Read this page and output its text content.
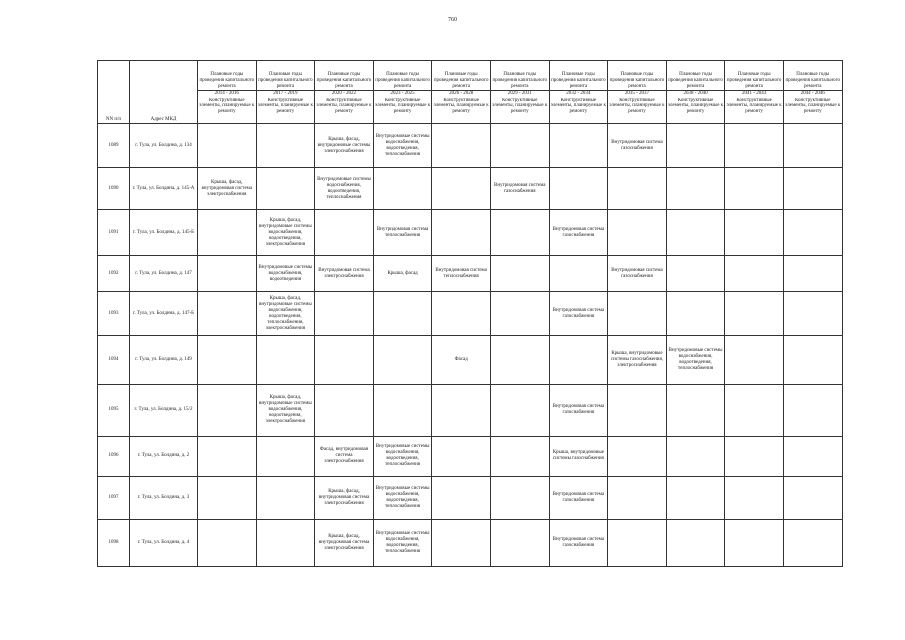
760
NN п/п	Адрес МКД	Плановые годы проведения капитального ремонта	Плановые годы проведения капитального ремонта	Плановые годы проведения капитального ремонта	Плановые годы проведения капитального ремонта	Плановые годы проведения капитального ремонта	Плановые годы проведения капитального ремонта	Плановые годы проведения капитального ремонта	Плановые годы проведения капитального ремонта	Плановые годы проведения капитального ремонта	Плановые годы проведения капитального ремонта	Плановые годы проведения капитального ремонта
		2014 - 2016	2017 - 2019	2020 - 2022	2023 - 2025	2026 - 2028	2029 - 2031	2032 - 2034	2035 - 2037	2038 - 2040	2041 - 2043	2044 - 2046
		Конструктивные элементы, планируемые к ремонту	Конструктивные элементы, планируемые к ремонту	Конструктивные элементы, планируемые к ремонту	Конструктивные элементы, планируемые к ремонту	Конструктивные элементы, планируемые к ремонту	Конструктивные элементы, планируемые к ремонту	Конструктивные элементы, планируемые к ремонту	Конструктивные элементы, планируемые к ремонту	Конструктивные элементы, планируемые к ремонту	Конструктивные элементы, планируемые к ремонту	Конструктивные элементы, планируемые к ремонту
1089	г. Тула, ул. Болдина, д. 134			Крыша, фасад, внутридомовые системы электроснабжения	Внутридомовые системы водоснабжения, водоотведения, теплоснабжения				Внутридомовая система газоснабжения			
1090	г. Тула, ул. Болдина, д. 145-А	Крыша, фасад, внутридомовая система электроснабжения		Внутридомовые системы водоснабжения, водоотведения, теплоснабжения			Внутридомовая система газоснабжения					
1091	г. Тула, ул. Болдина, д. 145-Б		Крыша, фасад, внутридомовые системы водоснабжения, водоотведения, электроснабжения		Внутридомовая система теплоснабжения			Внутридомовая система газоснабжения				
1092	г. Тула, ул. Болдина, д. 147		Внутридомовые системы водоснабжения, водоотведения	Внутридомовая система электроснабжения	Крыша, фасад	Внутридомовая система теплоснабжения			Внутридомовая система газоснабжения			
1093	г. Тула, ул. Болдина, д. 147-Б		Крыша, фасад, внутридомовые системы водоснабжения, водоотведения, теплоснабжения, электроснабжения					Внутридомовая система газоснабжения				
1094	г. Тула, ул. Болдина, д. 149					Фасад			Крыша, внутридомовые системы газоснабжения, электроснабжения	Внутридомовые системы водоснабжения, водоотведения, теплоснабжения		
1095	г. Тула, ул. Болдина, д. 15/2		Крыша, фасад, внутридомовые системы водоснабжения, водоотведения, электроснабжения					Внутридомовая система газоснабжения				
1096	г. Тула, ул. Болдина, д. 2			Фасад, внутридомовая система электроснабжения	Внутридомовые системы водоснабжения, водоотведения, теплоснабжения			Крыша, внутридомовые системы газоснабжения				
1097	г. Тула, ул. Болдина, д. 3			Крыша, фасад, внутридомовая система электроснабжения	Внутридомовые системы водоснабжения, водоотведения, теплоснабжения			Внутридомовая система газоснабжения				
1098	г. Тула, ул. Болдина, д. 4			Крыша, фасад, внутридомовая система электроснабжения	Внутридомовые системы водоснабжения, водоотведения, теплоснабжения			Внутридомовая система газоснабжения				
